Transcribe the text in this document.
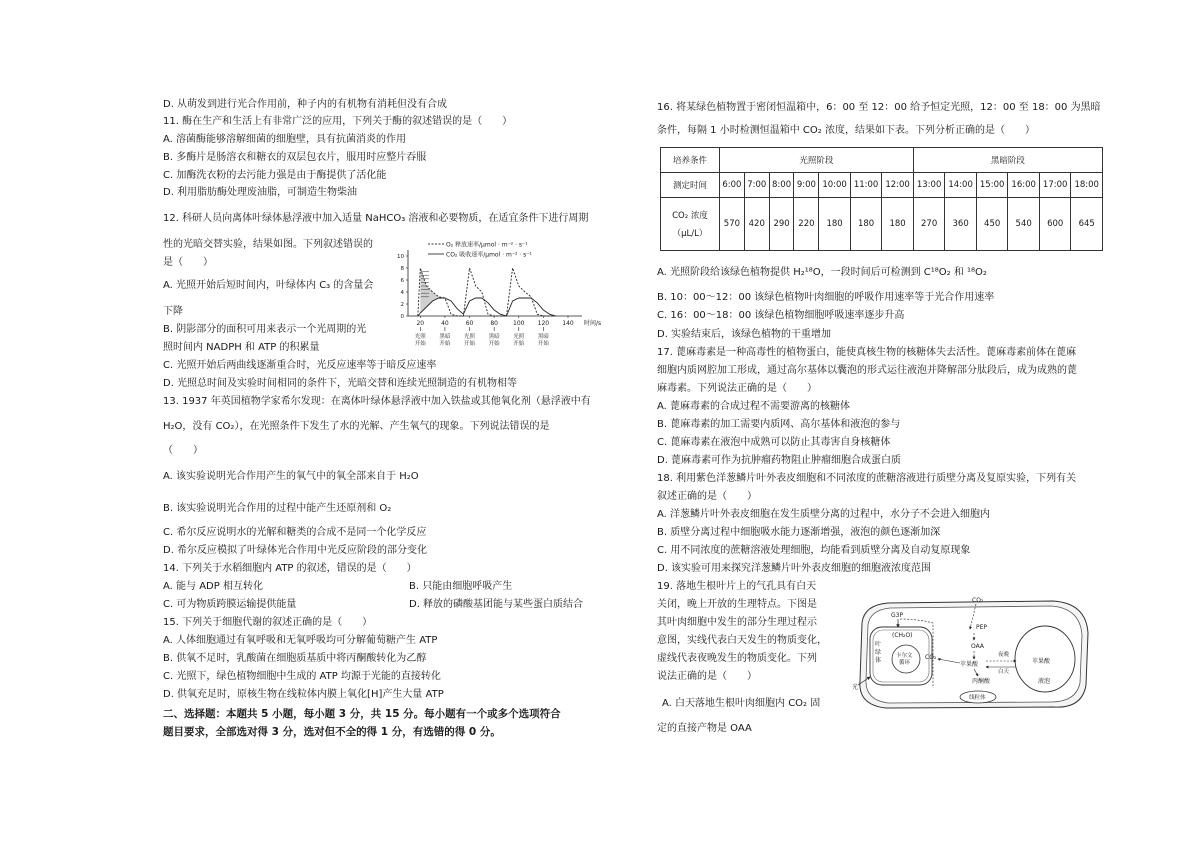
D. 从萌发到进行光合作用前，种子内的有机物有消耗但没有合成
11. 酶在生产和生活上有非常广泛的应用，下列关于酶的叙述错误的是（　　）
A. 溶菌酶能够溶解细菌的细胞壁，具有抗菌消炎的作用
B. 多酶片是肠溶衣和糖衣的双层包衣片，服用时应整片吞服
C. 加酶洗衣粉的去污能力强是由于酶提供了活化能
D. 利用脂肪酶处理废油脂，可制造生物柴油
12. 科研人员向离体叶绿体悬浮液中加入适量 NaHCO₃ 溶液和必要物质，在适宜条件下进行周期
性的光暗交替实验，结果如图。下列叙述错误的
是（　　）
A. 光照开始后短时间内，叶绿体内 C₃ 的含量会
下降
B. 阴影部分的面积可用来表示一个光周期的光
照时间内 NADPH 和 ATP 的积累量
C. 光照开始后两曲线逐渐重合时，光反应速率等于暗反应速率
D. 光照总时间及实验时间相同的条件下，光暗交替和连续光照制造的有机物相等
13. 1937 年英国植物学家希尔发现：在离体叶绿体悬浮液中加入铁盐或其他氧化剂（悬浮液中有
H₂O，没有 CO₂），在光照条件下发生了水的光解、产生氧气的现象。下列说法错误的是
（　　）
A. 该实验说明光合作用产生的氧气中的氧全部来自于 H₂O
B. 该实验说明光合作用的过程中能产生还原剂和 O₂
C. 希尔反应说明水的光解和糖类的合成不是同一个化学反应
D. 希尔反应模拟了叶绿体光合作用中光反应阶段的部分变化
14. 下列关于水稻细胞内 ATP 的叙述，错误的是（　　）
A. 能与 ADP 相互转化	B. 只能由细胞呼吸产生
C. 可为物质跨膜运输提供能量	D. 释放的磷酸基团能与某些蛋白质结合
15. 下列关于细胞代谢的叙述正确的是（　　）
A. 人体细胞通过有氧呼吸和无氧呼吸均可分解葡萄糖产生 ATP
B. 供氧不足时，乳酸菌在细胞质基质中将丙酮酸转化为乙醇
C. 光照下，绿色植物细胞中生成的 ATP 均源于光能的直接转化
D. 供氧充足时，原核生物在线粒体内膜上氧化[H]产生大量 ATP
二、选择题：本题共 5 小题，每小题 3 分，共 15 分。每小题有一个或多个选项符合
题目要求，全部选对得 3 分，选对但不全的得 1 分，有选错的得 0 分。
0
2
4
6
8
10
20	40	60	80	100 120 140 时间/s
光照
开始
黑暗
开始
光照
开始
黑暗
开始
光照
开始
黑暗
开始
O₂ 释放速率/μmol · m⁻² · s⁻¹
CO₂ 吸收速率/μmol · m⁻² · s⁻¹
16. 将某绿色植物置于密闭恒温箱中，6：00 至 12：00 给予恒定光照，12：00 至 18：00 为黑暗
条件，每隔 1 小时检测恒温箱中 CO₂ 浓度，结果如下表。下列分析正确的是（　　）
培养条件	光照阶段							黑暗阶段					
测定时间	6:00	7:00	8:00	9:00	10:00	11:00	12:00	13:00	14:00	15:00	16:00	17:00	18:00

CO₂ 浓度
（μL/L）	570	420	290	220	180	180	180	270	360	450	540	600	645
A. 光照阶段给该绿色植物提供 H₂¹⁸O，一段时间后可检测到 C¹⁸O₂ 和 ¹⁸O₂
B. 10：00～12：00 该绿色植物叶肉细胞的呼吸作用速率等于光合作用速率
C. 16：00～18：00 该绿色植物细胞呼吸速率逐步升高
D. 实验结束后，该绿色植物的干重增加
17. 蓖麻毒素是一种高毒性的植物蛋白，能使真核生物的核糖体失去活性。蓖麻毒素前体在蓖麻
细胞内质网腔加工形成，通过高尔基体以囊泡的形式运往液泡并降解部分肽段后，成为成熟的蓖
麻毒素。下列说法正确的是（　　）
A. 蓖麻毒素的合成过程不需要游离的核糖体
B. 蓖麻毒素的加工需要内质网、高尔基体和液泡的参与
C. 蓖麻毒素在液泡中成熟可以防止其毒害自身核糖体
D. 蓖麻毒素可作为抗肿瘤药物阻止肿瘤细胞合成蛋白质
18. 利用紫色洋葱鳞片叶外表皮细胞和不同浓度的蔗糖溶液进行质壁分离及复原实验，下列有关
叙述正确的是（　　）
A. 洋葱鳞片叶外表皮细胞在发生质壁分离的过程中，水分子不会进入细胞内
B. 质壁分离过程中细胞吸水能力逐渐增强，液泡的颜色逐渐加深
C. 用不同浓度的蔗糖溶液处理细胞，均能看到质壁分离及自动复原现象
D. 该实验可用来探究洋葱鳞片叶外表皮细胞的细胞液浓度范围
19. 落地生根叶片上的气孔具有白天
关闭，晚上开放的生理特点。下图是
其叶肉细胞中发生的部分生理过程示
意图，实线代表白天发生的物质变化，
虚线代表夜晚发生的物质变化。下列
说法正确的是（　　）
A. 白天落地生根叶肉细胞内 CO₂ 固
定的直接产物是 OAA
叶
绿
体
卡尔文
循环
(CH₂O)
G3P
CO₂
光
CO₂
PEP
OAA
苹果酸
丙酮酸
线粒体
苹果酸
液泡
夜晚
白天
